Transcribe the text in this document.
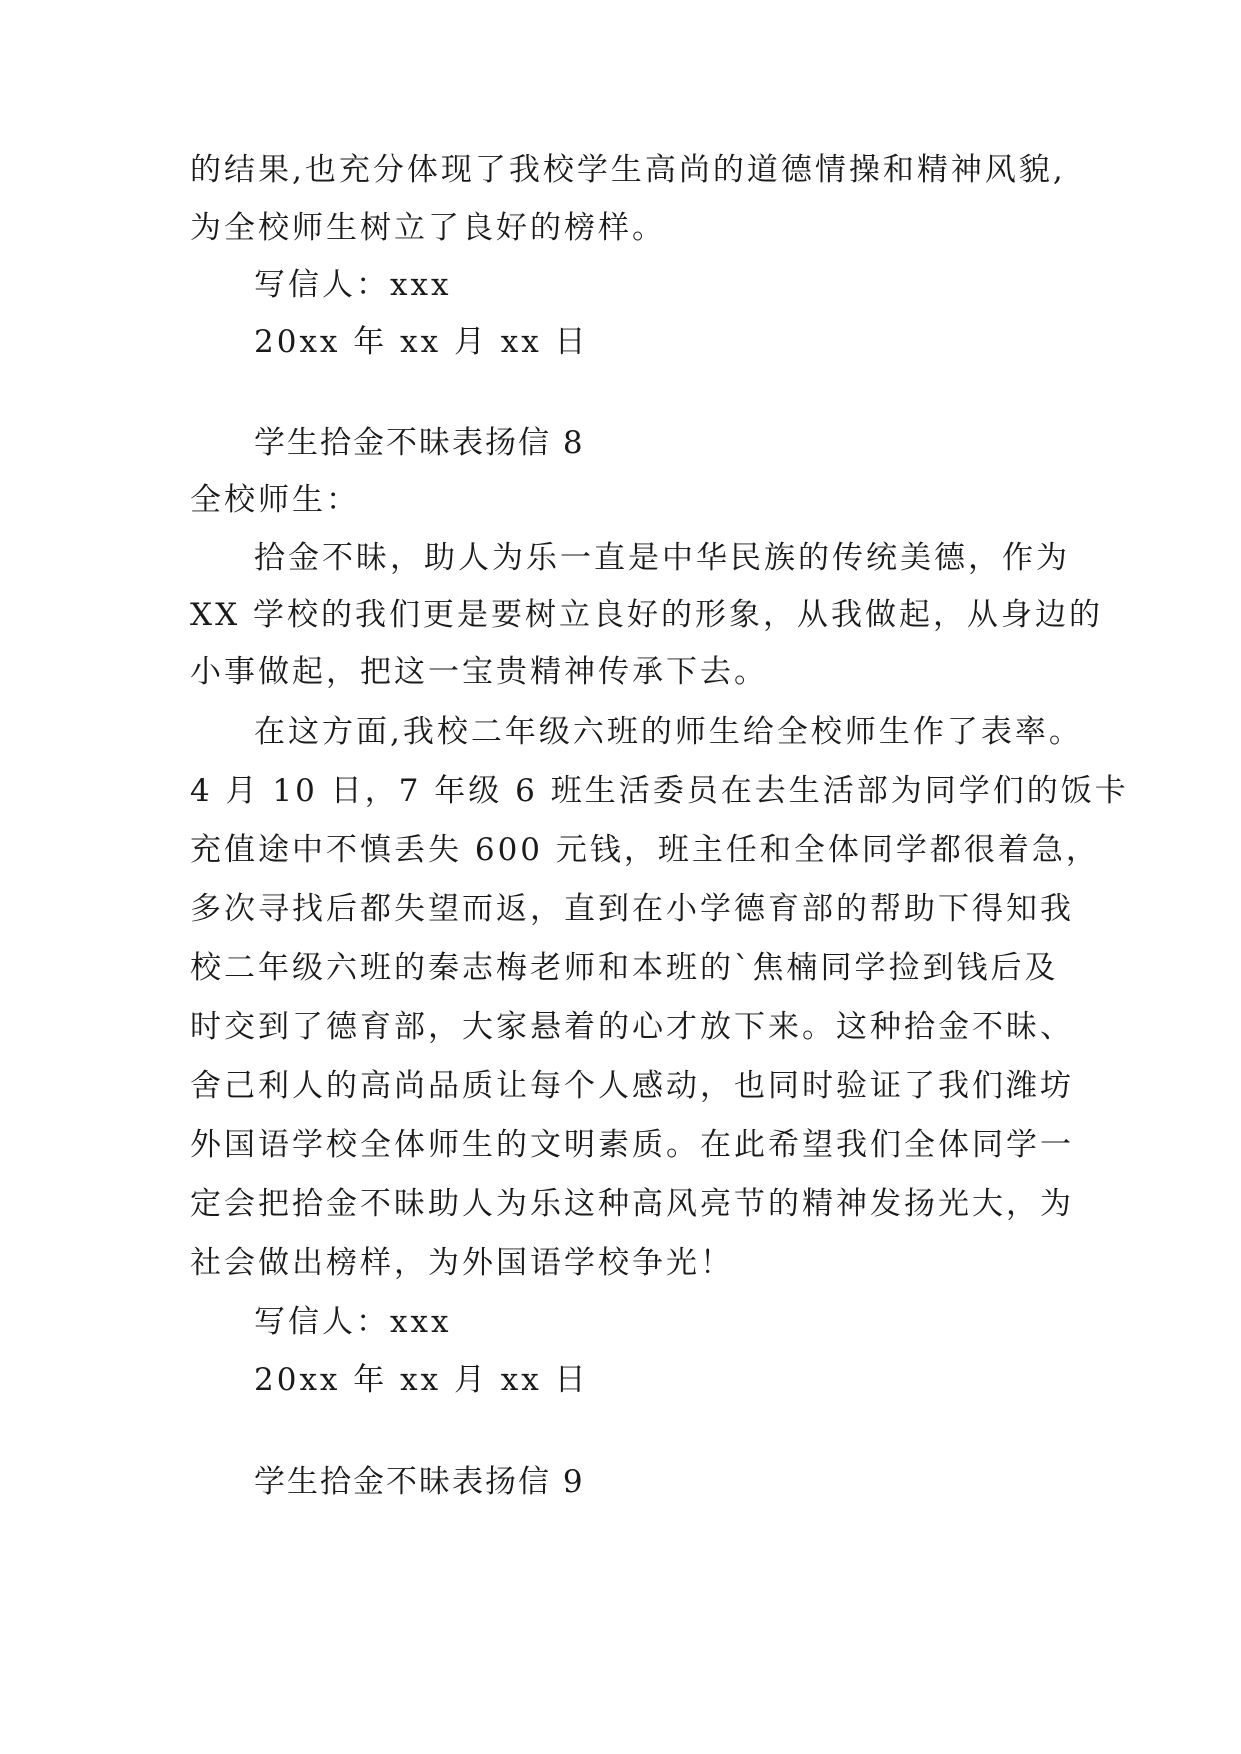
的结果,也充分体现了我校学生高尚的道德情操和精神风貌,
为全校师生树立了良好的榜样。
写信人：xxx
20xx 年 xx 月 xx 日
学生拾金不昧表扬信 8
全校师生：
拾金不昧，助人为乐一直是中华民族的传统美德，作为
XX 学校的我们更是要树立良好的形象，从我做起，从身边的
小事做起，把这一宝贵精神传承下去。
在这方面,我校二年级六班的师生给全校师生作了表率。
4 月 10 日，7 年级 6 班生活委员在去生活部为同学们的饭卡
充值途中不慎丢失 600 元钱，班主任和全体同学都很着急，
多次寻找后都失望而返，直到在小学德育部的帮助下得知我
校二年级六班的秦志梅老师和本班的`焦楠同学捡到钱后及
时交到了德育部，大家悬着的心才放下来。这种拾金不昧、
舍己利人的高尚品质让每个人感动，也同时验证了我们潍坊
外国语学校全体师生的文明素质。在此希望我们全体同学一
定会把拾金不昧助人为乐这种高风亮节的精神发扬光大，为
社会做出榜样，为外国语学校争光！
写信人：xxx
20xx 年 xx 月 xx 日
学生拾金不昧表扬信 9
